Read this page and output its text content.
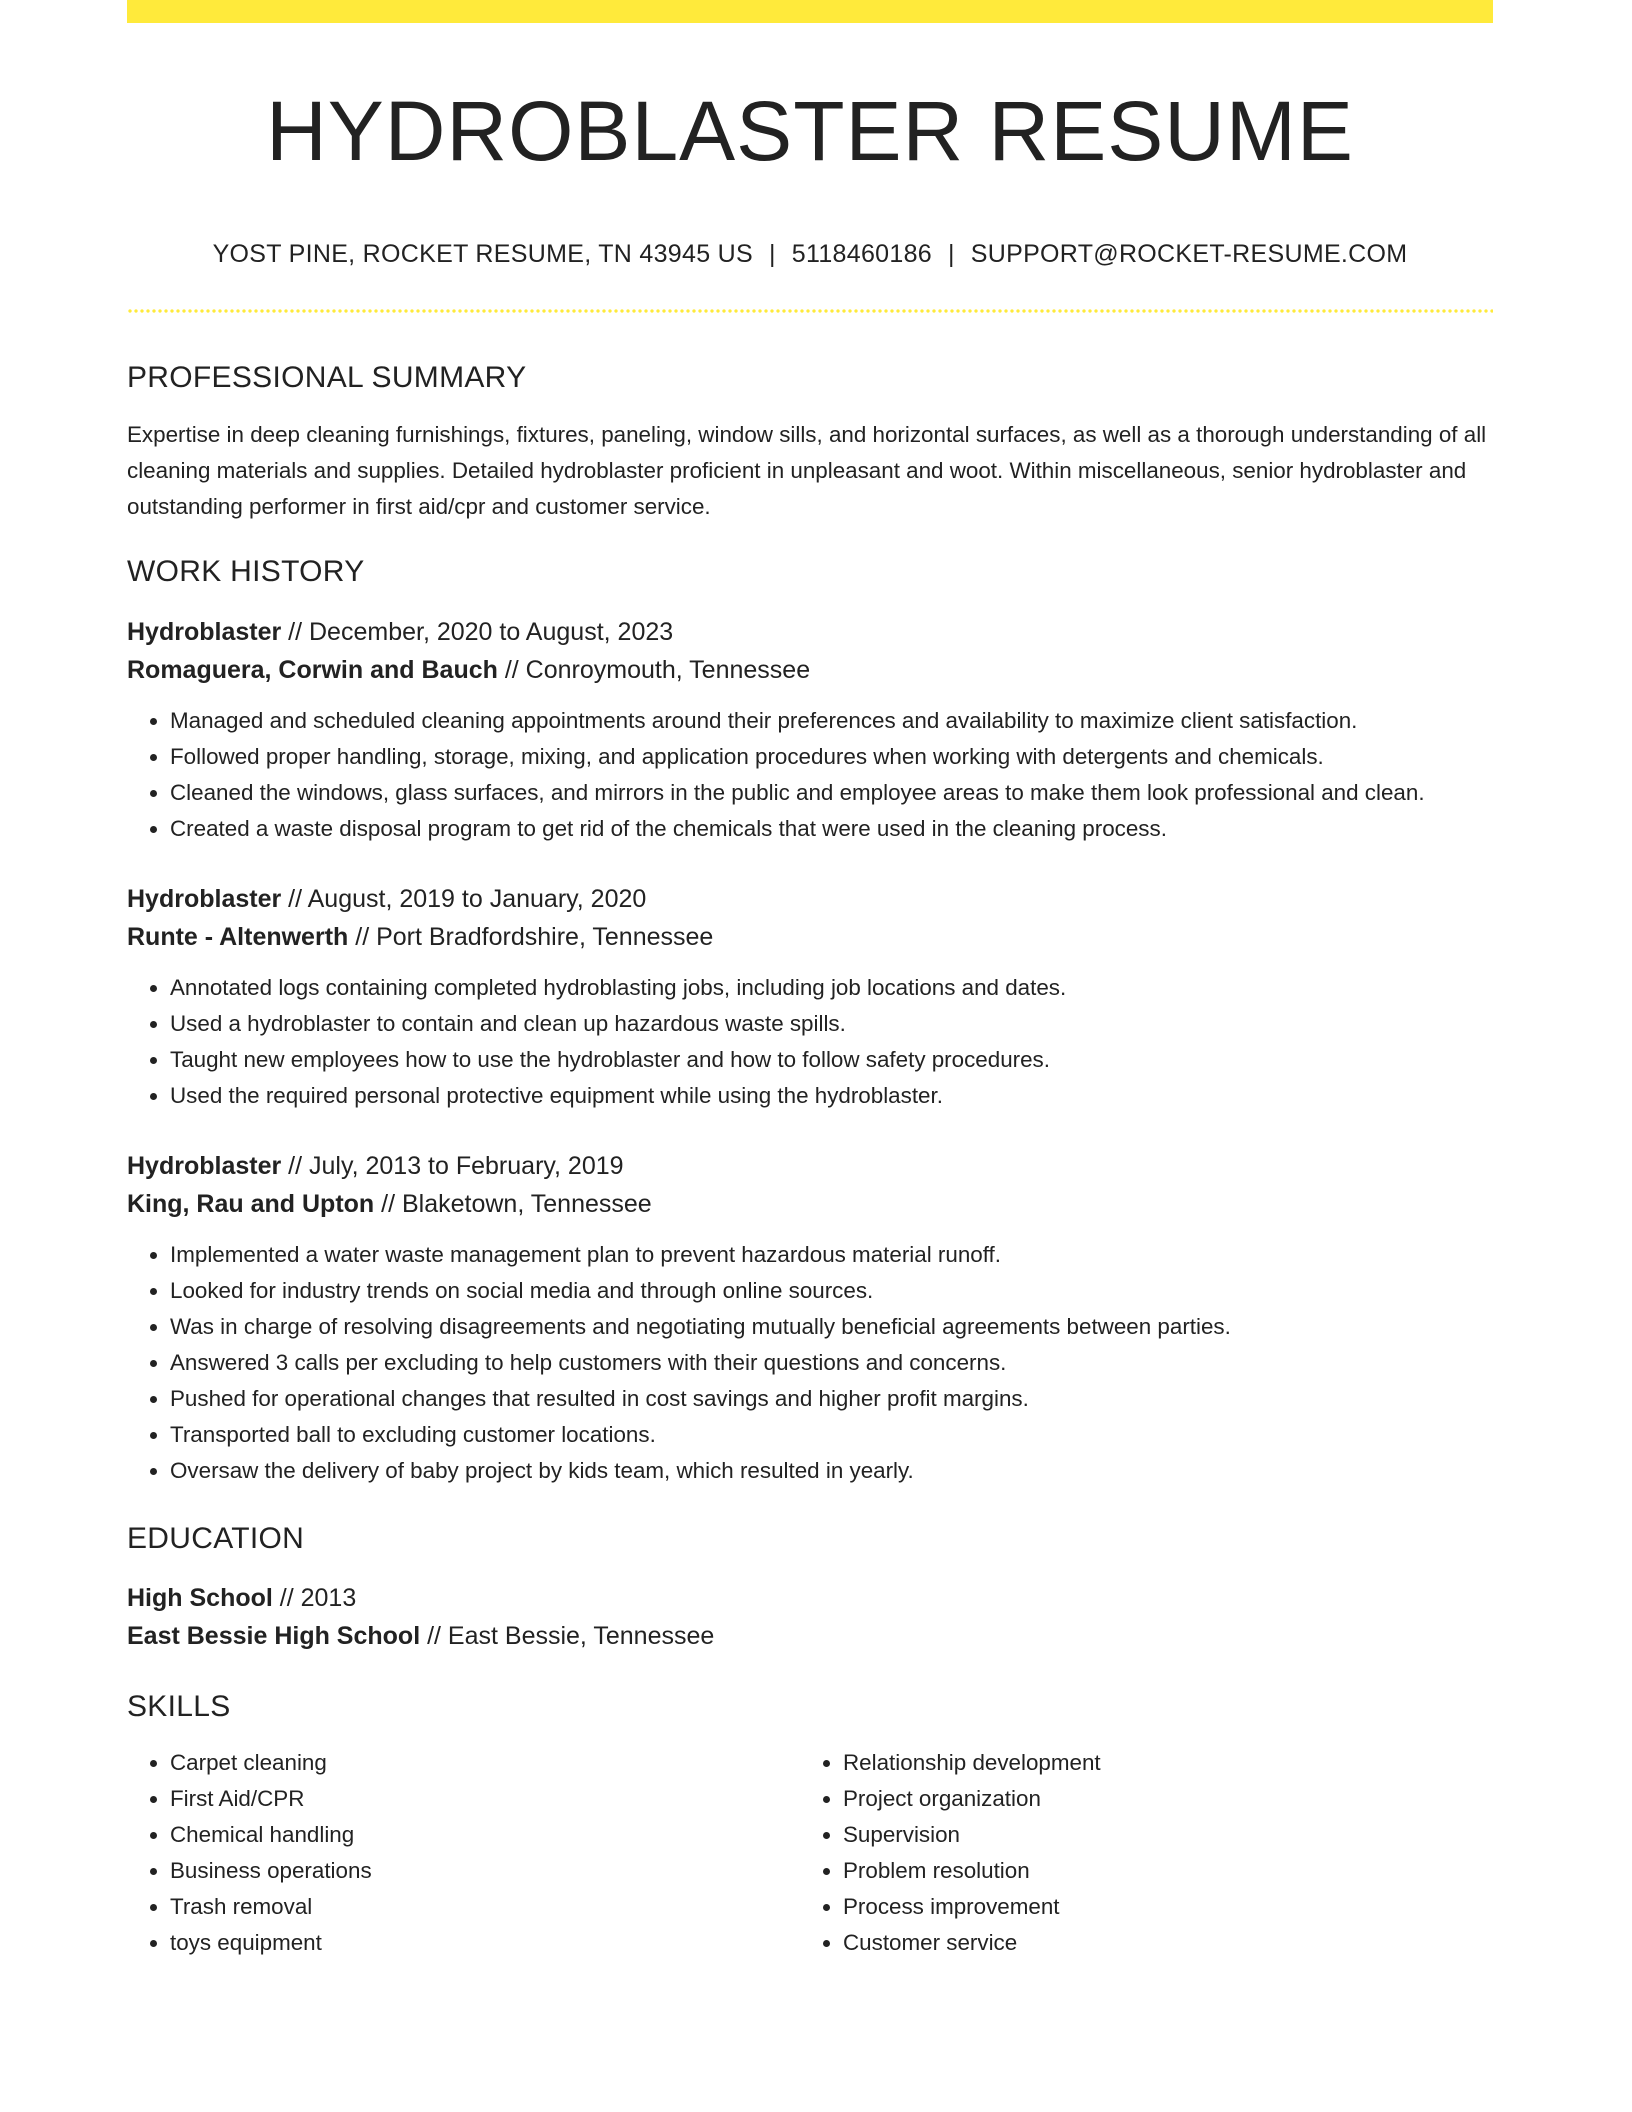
HYDROBLASTER RESUME
YOST PINE, ROCKET RESUME, TN 43945 US | 5118460186 | SUPPORT@ROCKET-RESUME.COM
PROFESSIONAL SUMMARY

Expertise in deep cleaning furnishings, fixtures, paneling, window sills, and horizontal surfaces, as well as a thorough understanding of all cleaning materials and supplies. Detailed hydroblaster proficient in unpleasant and woot. Within miscellaneous, senior hydroblaster and outstanding performer in first aid/cpr and customer service.

WORK HISTORY
Hydroblaster // December, 2020 to August, 2023
Romaguera, Corwin and Bauch // Conroymouth, Tennessee
• Managed and scheduled cleaning appointments around their preferences and availability to maximize client satisfaction.
• Followed proper handling, storage, mixing, and application procedures when working with detergents and chemicals.
• Cleaned the windows, glass surfaces, and mirrors in the public and employee areas to make them look professional and clean.
• Created a waste disposal program to get rid of the chemicals that were used in the cleaning process.
Hydroblaster // August, 2019 to January, 2020
Runte - Altenwerth // Port Bradfordshire, Tennessee
• Annotated logs containing completed hydroblasting jobs, including job locations and dates.
• Used a hydroblaster to contain and clean up hazardous waste spills.
• Taught new employees how to use the hydroblaster and how to follow safety procedures.
• Used the required personal protective equipment while using the hydroblaster.
Hydroblaster // July, 2013 to February, 2019
King, Rau and Upton // Blaketown, Tennessee
• Implemented a water waste management plan to prevent hazardous material runoff.
• Looked for industry trends on social media and through online sources.
• Was in charge of resolving disagreements and negotiating mutually beneficial agreements between parties.
• Answered 3 calls per excluding to help customers with their questions and concerns.
• Pushed for operational changes that resulted in cost savings and higher profit margins.
• Transported ball to excluding customer locations.
• Oversaw the delivery of baby project by kids team, which resulted in yearly.
EDUCATION
High School // 2013
East Bessie High School // East Bessie, Tennessee
SKILLS
• Carpet cleaning
• First Aid/CPR
• Chemical handling
• Business operations
• Trash removal
• toys equipment
• Relationship development
• Project organization
• Supervision
• Problem resolution
• Process improvement
• Customer service
